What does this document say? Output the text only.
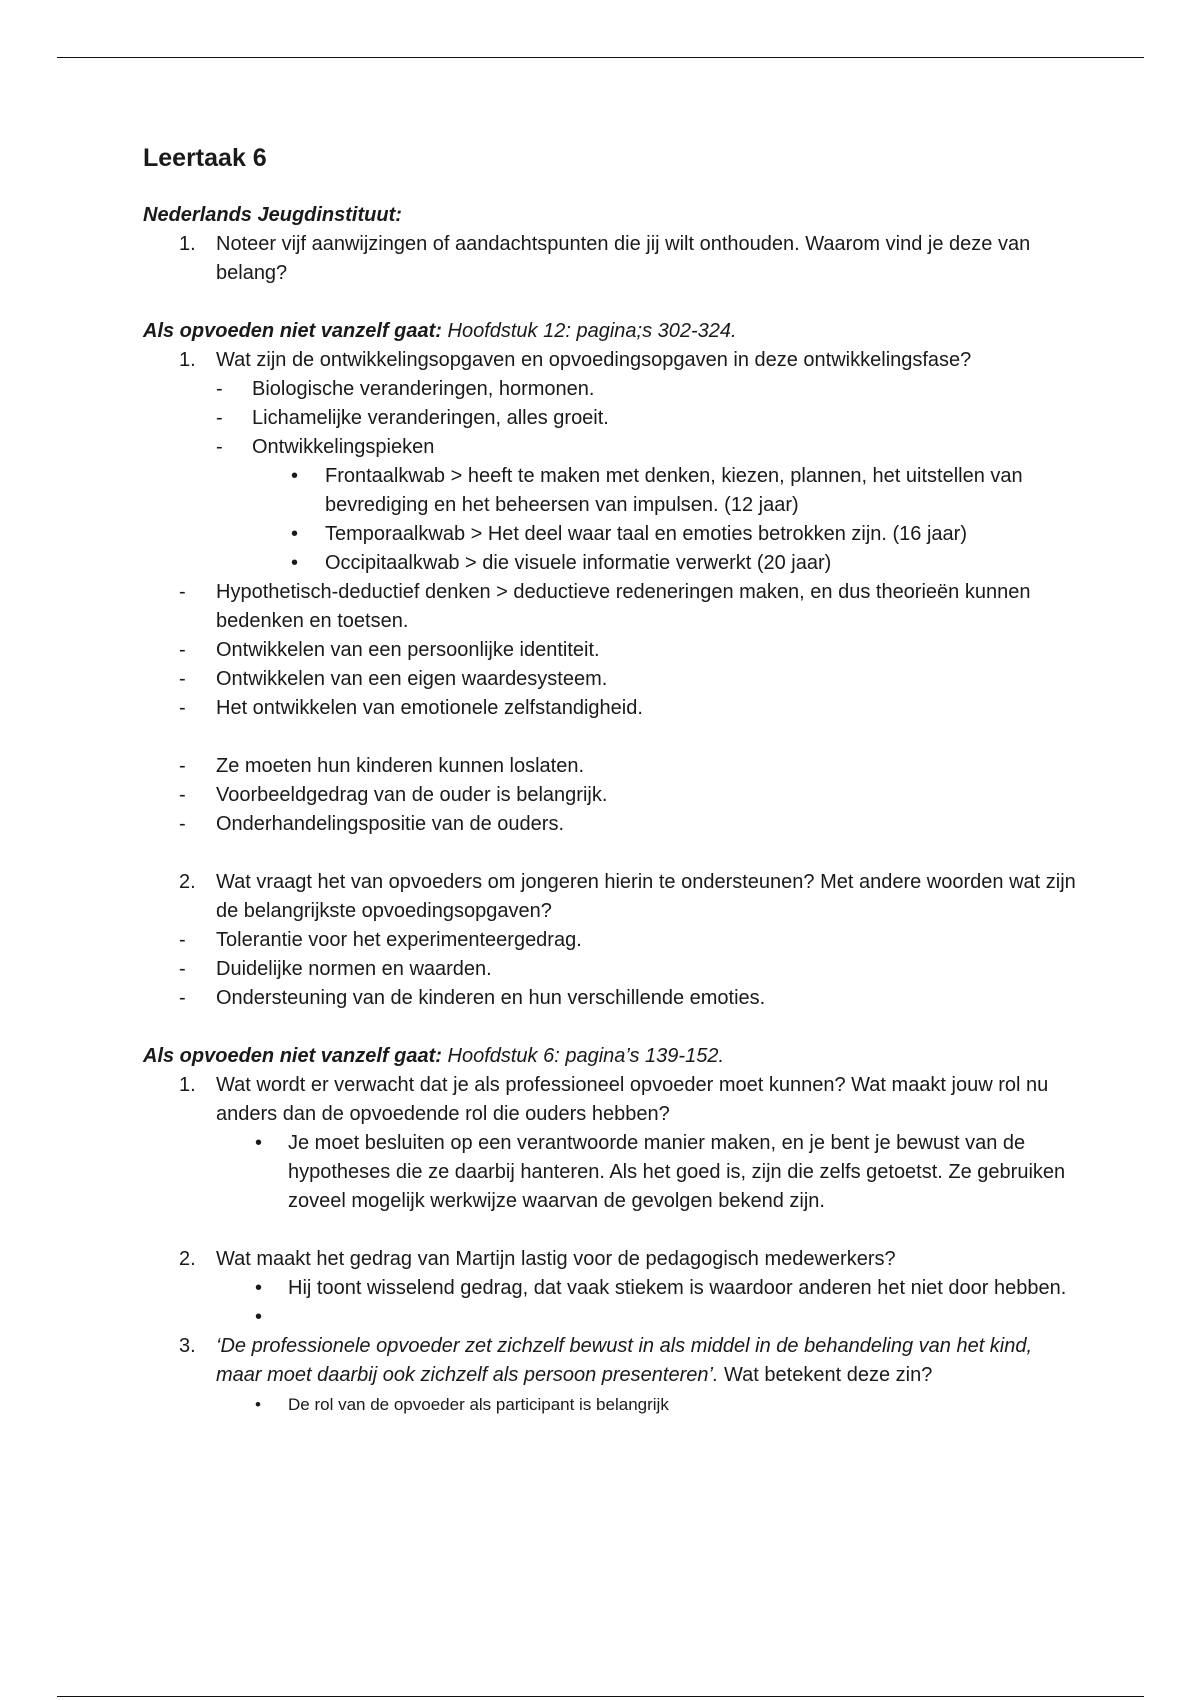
Leertaak 6
Nederlands Jeugdinstituut:
1. Noteer vijf aanwijzingen of aandachtspunten die jij wilt onthouden. Waarom vind je deze van belang?
Als opvoeden niet vanzelf gaat: Hoofdstuk 12: pagina;s 302-324.
1. Wat zijn de ontwikkelingsopgaven en opvoedingsopgaven in deze ontwikkelingsfase?
- Biologische veranderingen, hormonen.
- Lichamelijke veranderingen, alles groeit.
- Ontwikkelingspieken
• Frontaalkwab > heeft te maken met denken, kiezen, plannen, het uitstellen van bevrediging en het beheersen van impulsen. (12 jaar)
• Temporaalkwab > Het deel waar taal en emoties betrokken zijn. (16 jaar)
• Occipitaalkwab > die visuele informatie verwerkt (20 jaar)
- Hypothetisch-deductief denken > deductieve redeneringen maken, en dus theorieën kunnen bedenken en toetsen.
- Ontwikkelen van een persoonlijke identiteit.
- Ontwikkelen van een eigen waardesysteem.
- Het ontwikkelen van emotionele zelfstandigheid.
- Ze moeten hun kinderen kunnen loslaten.
- Voorbeeldgedrag van de ouder is belangrijk.
- Onderhandelingspositie van de ouders.
2. Wat vraagt het van opvoeders om jongeren hierin te ondersteunen? Met andere woorden wat zijn de belangrijkste opvoedingsopgaven?
- Tolerantie voor het experimenteergedrag.
- Duidelijke normen en waarden.
- Ondersteuning van de kinderen en hun verschillende emoties.
Als opvoeden niet vanzelf gaat: Hoofdstuk 6: pagina’s 139-152.
1. Wat wordt er verwacht dat je als professioneel opvoeder moet kunnen? Wat maakt jouw rol nu anders dan de opvoedende rol die ouders hebben?
• Je moet besluiten op een verantwoorde manier maken, en je bent je bewust van de hypotheses die ze daarbij hanteren. Als het goed is, zijn die zelfs getoetst. Ze gebruiken zoveel mogelijk werkwijze waarvan de gevolgen bekend zijn.
2. Wat maakt het gedrag van Martijn lastig voor de pedagogisch medewerkers?
• Hij toont wisselend gedrag, dat vaak stiekem is waardoor anderen het niet door hebben.
•
3. ‘De professionele opvoeder zet zichzelf bewust in als middel in de behandeling van het kind, maar moet daarbij ook zichzelf als persoon presenteren’. Wat betekent deze zin?
• De rol van de opvoeder als participant is belangrijk
